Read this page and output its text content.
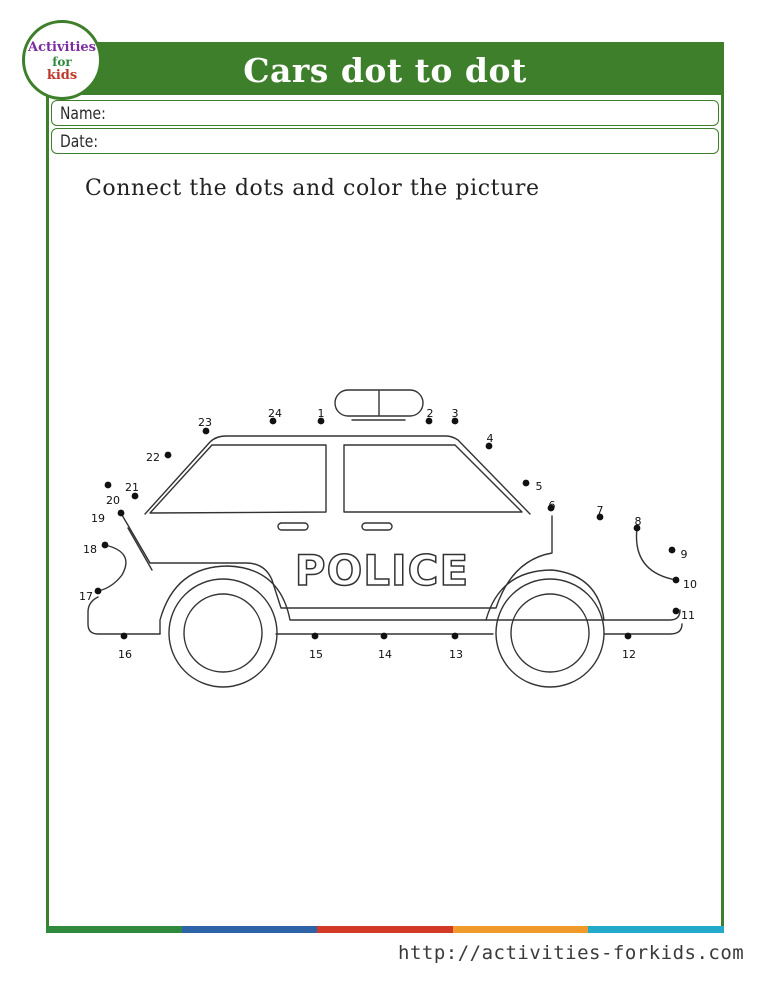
Cars dot to dot
Name:
Date:
Connect the dots and color the picture
Activities
for
kids
POLICE
1	2 3
4
5
6	7
8
9
10
11
12
13
14
15
16
17
18
19
20
21
22
23
24
http://activities-forkids.com
